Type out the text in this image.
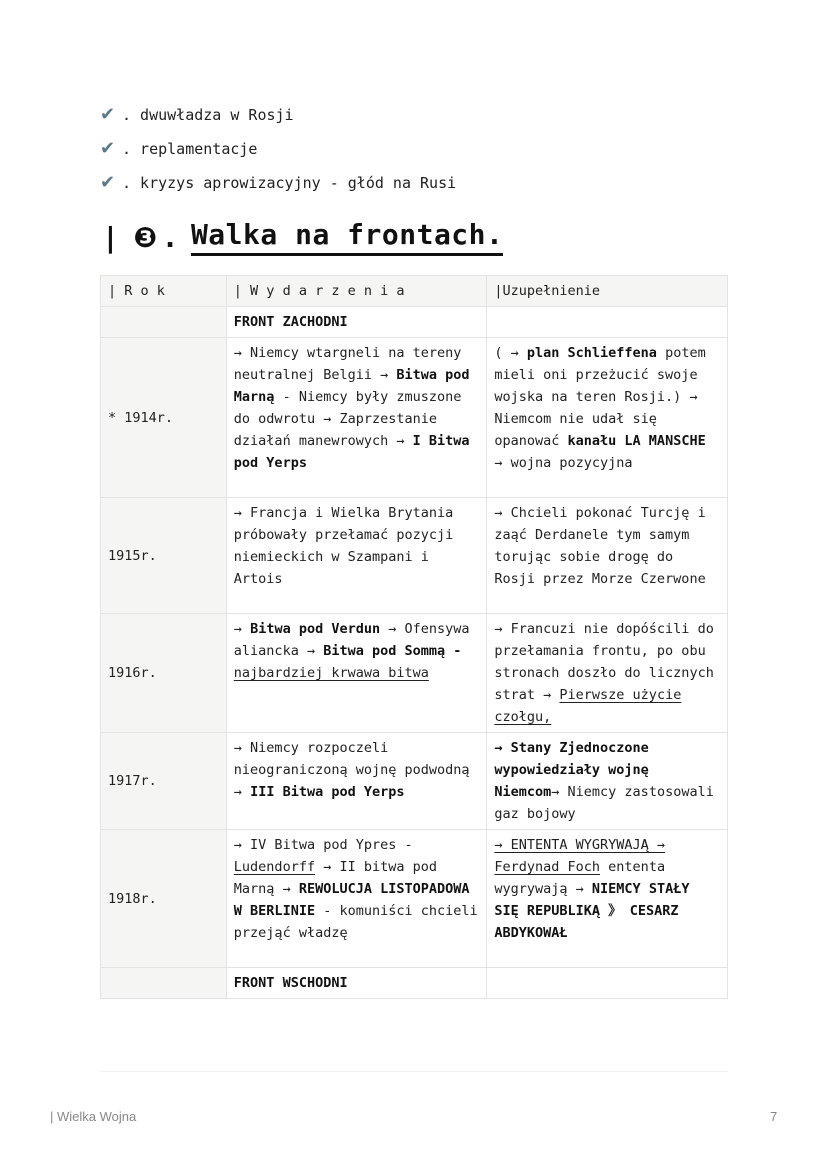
✔ . dwuwładza w Rosji
✔ . replamentacje
✔ . kryzys aprowizacyjny - głód na Rusi
| ❸ . Walka na frontach.
| R o k	| W y d a r z e n i a	|Uzupełnienie
	FRONT ZACHODNI	
* 1914r.	→ Niemcy wtargneli na tereny neutralnej Belgii → Bitwa pod Marną - Niemcy były zmuszone do odwrotu → Zaprzestanie działań manewrowych → I Bitwa pod Yerps	( → plan Schlieffena potem mieli oni przeżucić swoje wojska na teren Rosji.) → Niemcom nie udał się opanować kanału LA MANSCHE → wojna pozycyjna
1915r.	→ Francja i Wielka Brytania próbowały przełamać pozycji niemieckich w Szampani i Artois	→ Chcieli pokonać Turcję i zaąć Derdanele tym samym torując sobie drogę do Rosji przez Morze Czerwone
1916r.	→ Bitwa pod Verdun → Ofensywa aliancka → Bitwa pod Sommą - najbardziej krwawa bitwa	→ Francuzi nie dopóścili do przełamania frontu, po obu stronach doszło do licznych strat → Pierwsze użycie czołgu,
1917r.	→ Niemcy rozpoczeli nieograniczoną wojnę podwodną → III Bitwa pod Yerps	→ Stany Zjednoczone wypowiedziały wojnę Niemcom→ Niemcy zastosowali gaz bojowy
1918r.	→ IV Bitwa pod Ypres - Ludendorff → II bitwa pod Marną → REWOLUCJA LISTOPADOWA W BERLINIE - komuniści chcieli przejąć władzę	→ ENTENTA WYGRYWAJĄ → Ferdynad Foch ententa wygrywają → NIEMCY STAŁY SIĘ REPUBLIKĄ 》 CESARZ ABDYKOWAŁ
	FRONT WSCHODNI	
| Wielka Wojna	7
